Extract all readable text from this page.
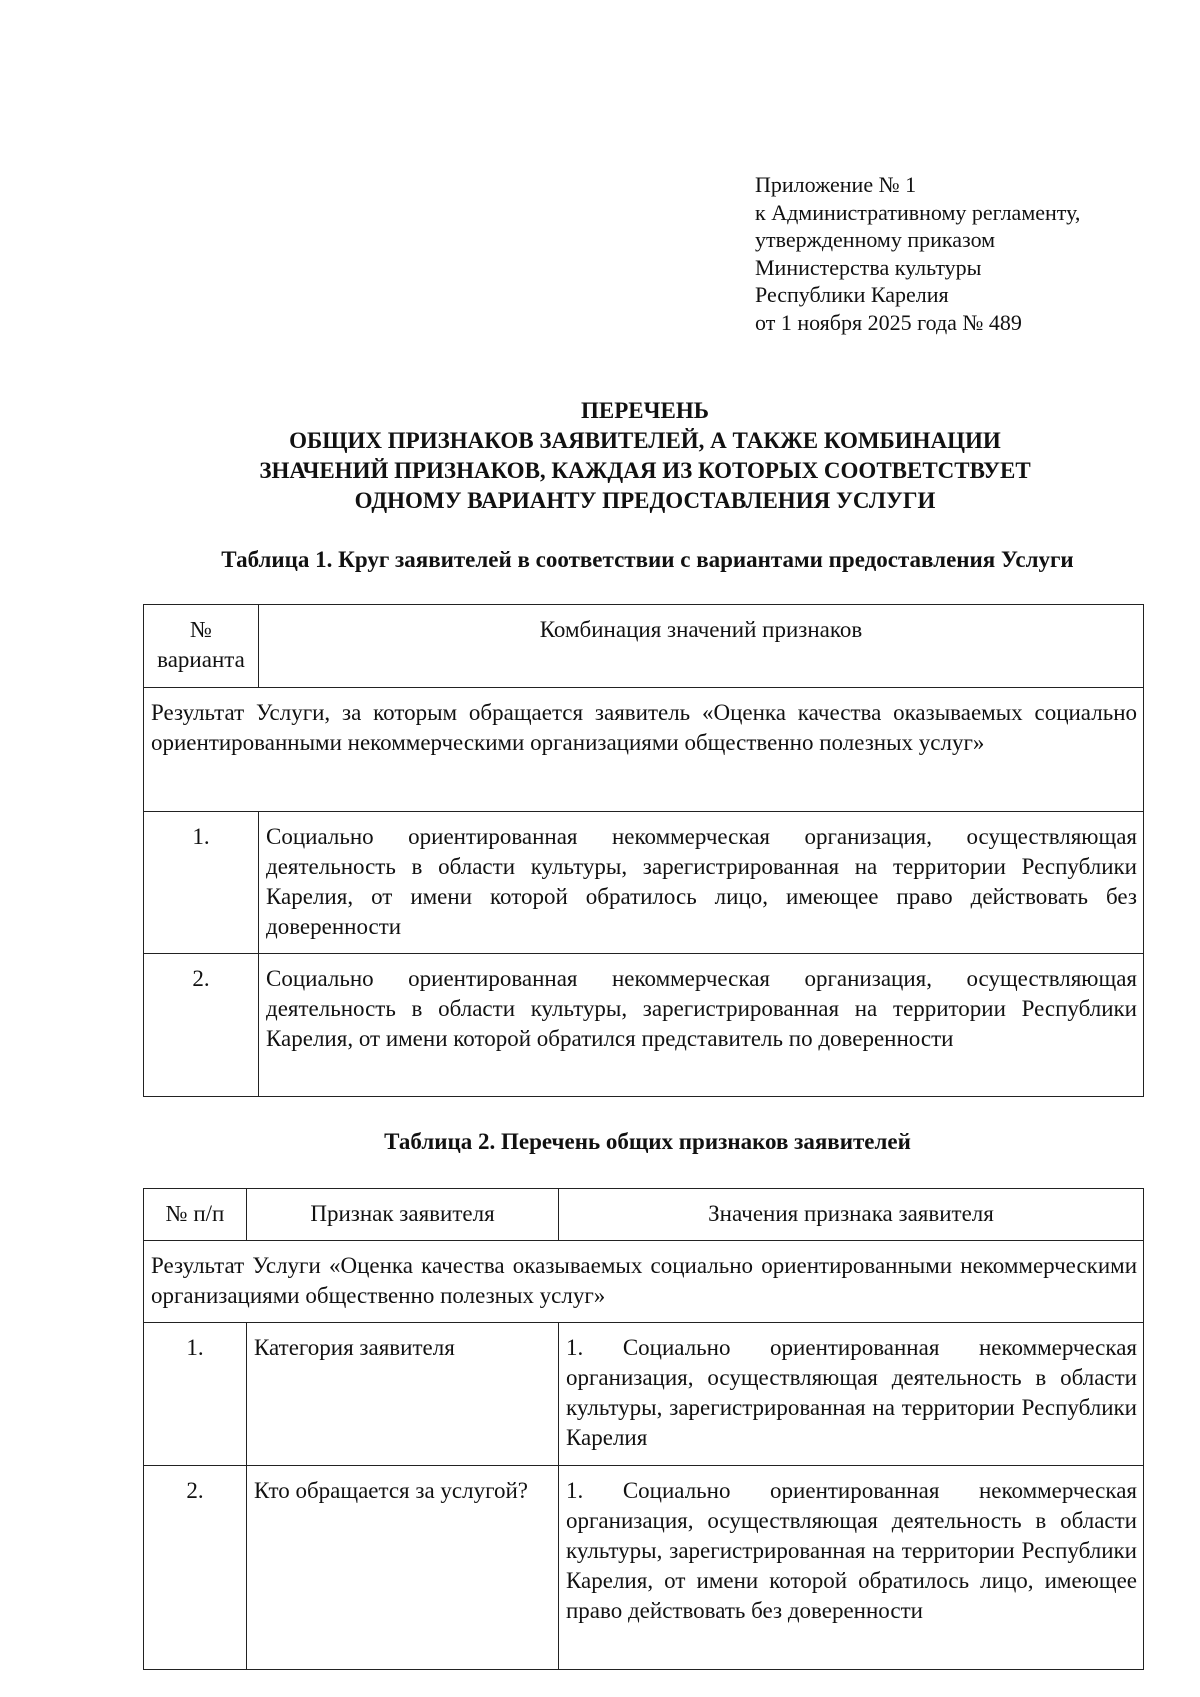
Приложение № 1
к Административному регламенту,
утвержденному приказом
Министерства культуры
Республики Карелия
от 1 ноября 2025 года № 489
ПЕРЕЧЕНЬ
ОБЩИХ ПРИЗНАКОВ ЗАЯВИТЕЛЕЙ, А ТАКЖЕ КОМБИНАЦИИ
ЗНАЧЕНИЙ ПРИЗНАКОВ, КАЖДАЯ ИЗ КОТОРЫХ СООТВЕТСТВУЕТ
ОДНОМУ ВАРИАНТУ ПРЕДОСТАВЛЕНИЯ УСЛУГИ
Таблица 1. Круг заявителей в соответствии с вариантами предоставления Услуги
№ варианта	Комбинация значений признаков
Результат Услуги, за которым обращается заявитель «Оценка качества оказываемых социально ориентированными некоммерческими организациями общественно полезных услуг»	
1.	Социально ориентированная некоммерческая организация, осуществляющая деятельность в области культуры, зарегистрированная на территории Республики Карелия, от имени которой обратилось лицо, имеющее право действовать без доверенности
2.	Социально ориентированная некоммерческая организация, осуществляющая деятельность в области культуры, зарегистрированная на территории Республики Карелия, от имени которой обратился представитель по доверенности
Таблица 2. Перечень общих признаков заявителей
№ п/п	Признак заявителя	Значения признака заявителя
Результат Услуги «Оценка качества оказываемых социально ориентированными некоммерческими организациями общественно полезных услуг»		
1.	Категория заявителя	1. Социально ориентированная некоммерческая организация, осуществляющая деятельность в области культуры, зарегистрированная на территории Республики Карелия
2.	Кто обращается за услугой?	1. Социально ориентированная некоммерческая организация, осуществляющая деятельность в области культуры, зарегистрированная на территории Республики Карелия, от имени которой обратилось лицо, имеющее право действовать без доверенности
